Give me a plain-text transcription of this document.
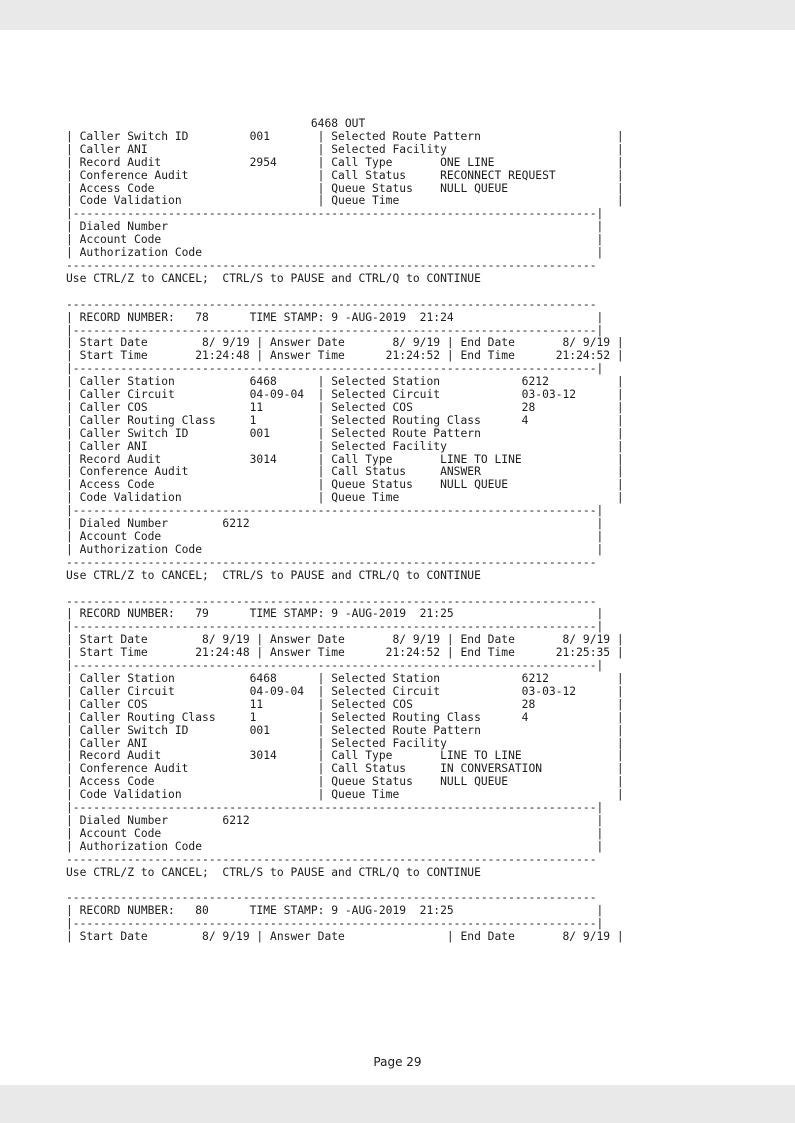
6468 OUT
| Caller Switch ID         001       | Selected Route Pattern                    |
| Caller ANI                         | Selected Facility                         |
| Record Audit             2954      | Call Type       ONE LINE                  |
| Conference Audit                   | Call Status     RECONNECT REQUEST         |
| Access Code                        | Queue Status    NULL QUEUE                |
| Code Validation                    | Queue Time                                |
|-----------------------------------------------------------------------------|
| Dialed Number                                                               |
| Account Code                                                                |
| Authorization Code                                                          |
------------------------------------------------------------------------------
Use CTRL/Z to CANCEL;  CTRL/S to PAUSE and CTRL/Q to CONTINUE

------------------------------------------------------------------------------
| RECORD NUMBER:   78      TIME STAMP: 9 -AUG-2019  21:24                     |
|-----------------------------------------------------------------------------|
| Start Date        8/ 9/19 | Answer Date       8/ 9/19 | End Date       8/ 9/19 |
| Start Time       21:24:48 | Answer Time      21:24:52 | End Time      21:24:52 |
|-----------------------------------------------------------------------------|
| Caller Station           6468      | Selected Station            6212          |
| Caller Circuit           04-09-04  | Selected Circuit            03-03-12      |
| Caller COS               11        | Selected COS                28            |
| Caller Routing Class     1         | Selected Routing Class      4             |
| Caller Switch ID         001       | Selected Route Pattern                    |
| Caller ANI                         | Selected Facility                         |
| Record Audit             3014      | Call Type       LINE TO LINE              |
| Conference Audit                   | Call Status     ANSWER                    |
| Access Code                        | Queue Status    NULL QUEUE                |
| Code Validation                    | Queue Time                                |
|-----------------------------------------------------------------------------|
| Dialed Number        6212                                                   |
| Account Code                                                                |
| Authorization Code                                                          |
------------------------------------------------------------------------------
Use CTRL/Z to CANCEL;  CTRL/S to PAUSE and CTRL/Q to CONTINUE

------------------------------------------------------------------------------
| RECORD NUMBER:   79      TIME STAMP: 9 -AUG-2019  21:25                     |
|-----------------------------------------------------------------------------|
| Start Date        8/ 9/19 | Answer Date       8/ 9/19 | End Date       8/ 9/19 |
| Start Time       21:24:48 | Answer Time      21:24:52 | End Time      21:25:35 |
|-----------------------------------------------------------------------------|
| Caller Station           6468      | Selected Station            6212          |
| Caller Circuit           04-09-04  | Selected Circuit            03-03-12      |
| Caller COS               11        | Selected COS                28            |
| Caller Routing Class     1         | Selected Routing Class      4             |
| Caller Switch ID         001       | Selected Route Pattern                    |
| Caller ANI                         | Selected Facility                         |
| Record Audit             3014      | Call Type       LINE TO LINE              |
| Conference Audit                   | Call Status     IN CONVERSATION           |
| Access Code                        | Queue Status    NULL QUEUE                |
| Code Validation                    | Queue Time                                |
|-----------------------------------------------------------------------------|
| Dialed Number        6212                                                   |
| Account Code                                                                |
| Authorization Code                                                          |
------------------------------------------------------------------------------
Use CTRL/Z to CANCEL;  CTRL/S to PAUSE and CTRL/Q to CONTINUE

------------------------------------------------------------------------------
| RECORD NUMBER:   80      TIME STAMP: 9 -AUG-2019  21:25                     |
|-----------------------------------------------------------------------------|
| Start Date        8/ 9/19 | Answer Date               | End Date       8/ 9/19 |
Page 29
